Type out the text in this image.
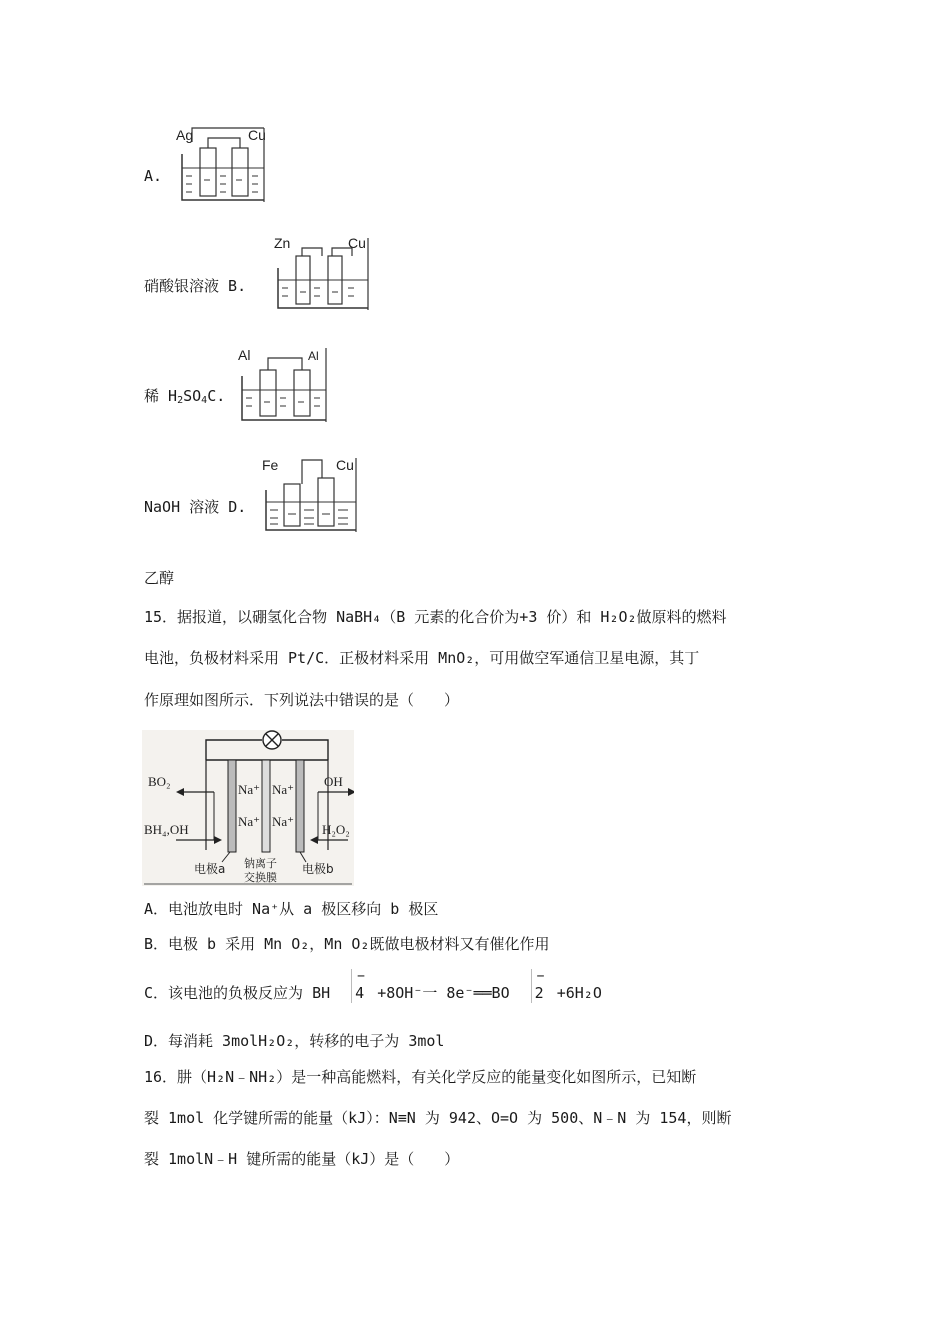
A.
Ag	Cu
硝酸银溶液 B.
Zn	Cu
稀 $H_2SO_4C$.
Al	Al
NaOH 溶液 D.
Fe	Cu
乙醇
15．据报道，以硼氢化合物 NaBH₄（B 元素的化合价为+3 价）和 H₂O₂做原料的燃料
电池，负极材料采用 Pt/C．正极材料采用 MnO₂，可用做空军通信卫星电源，其丁
作原理如图所示．下列说法中错误的是（　　）
BO₂
BH₄,OH
OH
H₂O₂
Na⁺
Na⁺
Na⁺
Na⁺
电极a 钠离子
交换膜
电极b
A．电池放电时 Na⁺从 a 极区移向 b 极区
B．电极 b 采用 Mn O₂，Mn O₂既做电极材料又有催化作用
C．该电池的负极反应为 BH
−
4 +8OH⁻一 8e⁻══BO
−
2 +6H₂O
D．每消耗 3molH₂O₂，转移的电子为 3mol
16．肼（H₂N﹣NH₂）是一种高能燃料，有关化学反应的能量变化如图所示，已知断
裂 1mol 化学键所需的能量（kJ）：N≡N 为 942、O=O 为 500、N﹣N 为 154，则断
裂 1molN﹣H 键所需的能量（kJ）是（　　）
